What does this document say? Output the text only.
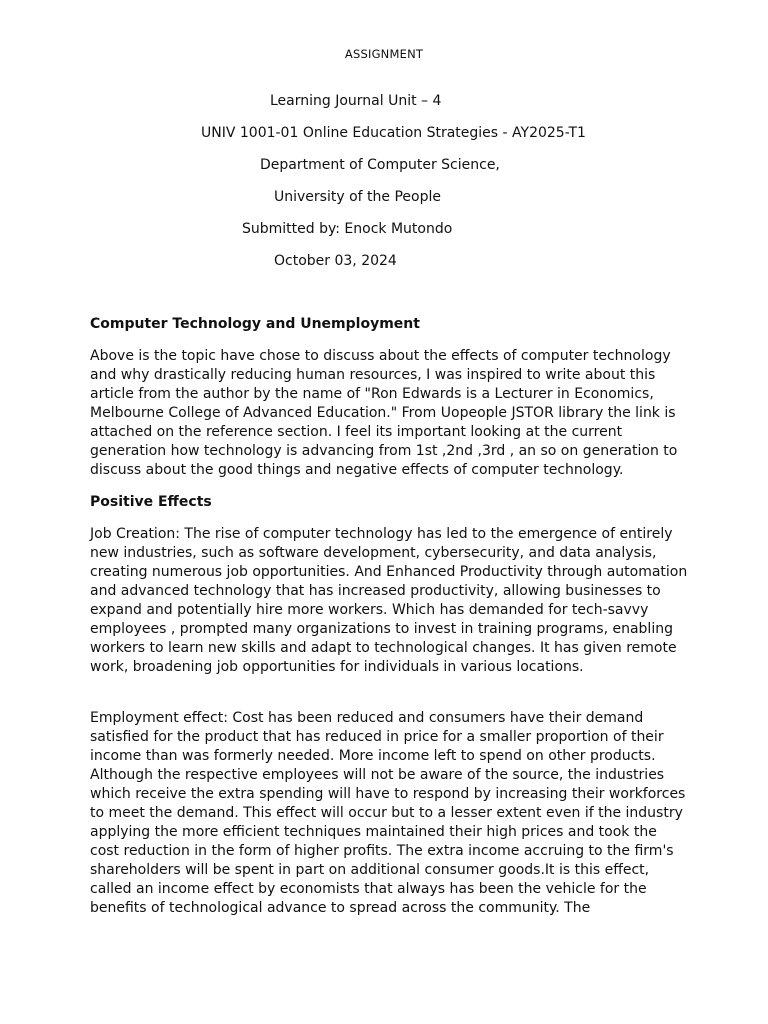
ASSIGNMENT
Learning Journal Unit – 4
UNIV 1001-01 Online Education Strategies - AY2025-T1
Department of Computer Science,
University of the People
Submitted by: Enock Mutondo
October 03, 2024
Computer Technology and Unemployment

Above is the topic have chose to discuss about the effects of computer technology and why drastically reducing human resources, I was inspired to write about this article from the author by the name of "Ron Edwards is a Lecturer in Economics, Melbourne College of Advanced Education." From Uopeople JSTOR library the link is attached on the reference section. I feel its important looking at the current generation how technology is advancing from 1st ,2nd ,3rd , an so on generation to discuss about the good things and negative effects of computer technology.

Positive Effects

Job Creation: The rise of computer technology has led to the emergence of entirely new industries, such as software development, cybersecurity, and data analysis, creating numerous job opportunities. And Enhanced Productivity through automation and advanced technology that has increased productivity, allowing businesses to expand and potentially hire more workers. Which has demanded for tech-savvy employees , prompted many organizations to invest in training programs, enabling workers to learn new skills and adapt to technological changes. It has given remote work, broadening job opportunities for individuals in various locations.

Employment effect: Cost has been reduced and consumers have their demand satisfied for the product that has reduced in price for a smaller proportion of their income than was formerly needed. More income left to spend on other products. Although the respective employees will not be aware of the source, the industries which receive the extra spending will have to respond by increasing their workforces to meet the demand. This effect will occur but to a lesser extent even if the industry applying the more efficient techniques maintained their high prices and took the cost reduction in the form of higher profits. The extra income accruing to the firm's shareholders will be spent in part on additional consumer goods.It is this effect, called an income effect by economists that always has been the vehicle for the benefits of technological advance to spread across the community. The
